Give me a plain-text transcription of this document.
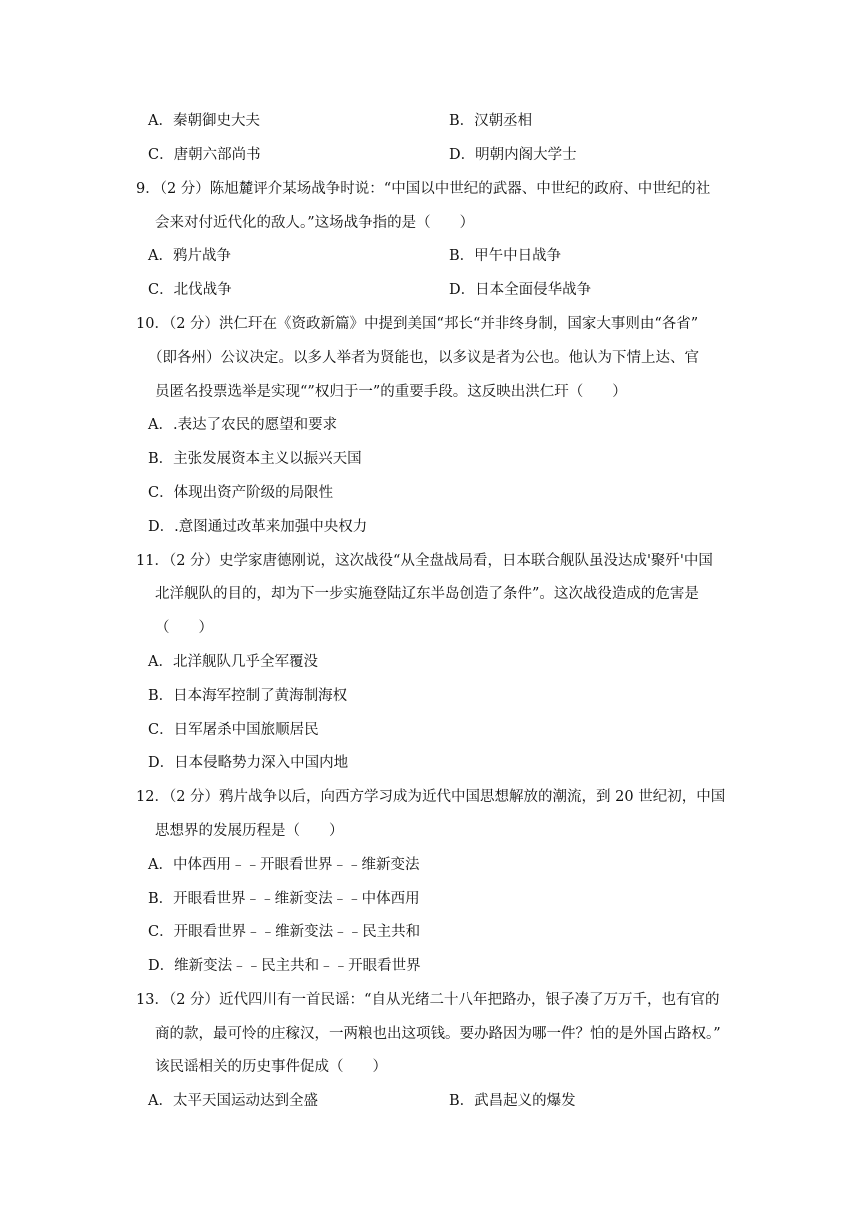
A．秦朝御史大夫	B．汉朝丞相
C．唐朝六部尚书	D．明朝内阁大学士
9．（2 分）陈旭麓评介某场战争时说：“中国以中世纪的武器、中世纪的政府、中世纪的社
会来对付近代化的敌人。”这场战争指的是（　　）
A．鸦片战争	B．甲午中日战争
C．北伐战争	D．日本全面侵华战争
10．（2 分）洪仁玕在《资政新篇》中提到美国“邦长“并非终身制，国家大事则由“各省”
（即各州）公议决定。以多人举者为贤能也，以多议是者为公也。他认为下情上达、官
员匿名投票选举是实现“”权归于一”的重要手段。这反映出洪仁玕（　　）
A．.表达了农民的愿望和要求
B．主张发展资本主义以振兴天国
C．体现出资产阶级的局限性
D．.意图通过改革来加强中央权力
11．（2 分）史学家唐德刚说，这次战役“从全盘战局看，日本联合舰队虽没达成'聚歼'中国
北洋舰队的目的，却为下一步实施登陆辽东半岛创造了条件”。这次战役造成的危害是
（　　）
A．北洋舰队几乎全军覆没
B．日本海军控制了黄海制海权
C．日军屠杀中国旅顺居民
D．日本侵略势力深入中国内地
12．（2 分）鸦片战争以后，向西方学习成为近代中国思想解放的潮流，到 20 世纪初，中国
思想界的发展历程是（　　）
A．中体西用﹣﹣开眼看世界﹣﹣维新变法
B．开眼看世界﹣﹣维新变法﹣﹣中体西用
C．开眼看世界﹣﹣维新变法﹣﹣民主共和
D．维新变法﹣﹣民主共和﹣﹣开眼看世界
13．（2 分）近代四川有一首民谣：“自从光绪二十八年把路办，银子凑了万万千，也有官的
商的款，最可怜的庄稼汉，一两粮也出这项钱。要办路因为哪一件？怕的是外国占路权。”
该民谣相关的历史事件促成（　　）
A．太平天国运动达到全盛	B．武昌起义的爆发
